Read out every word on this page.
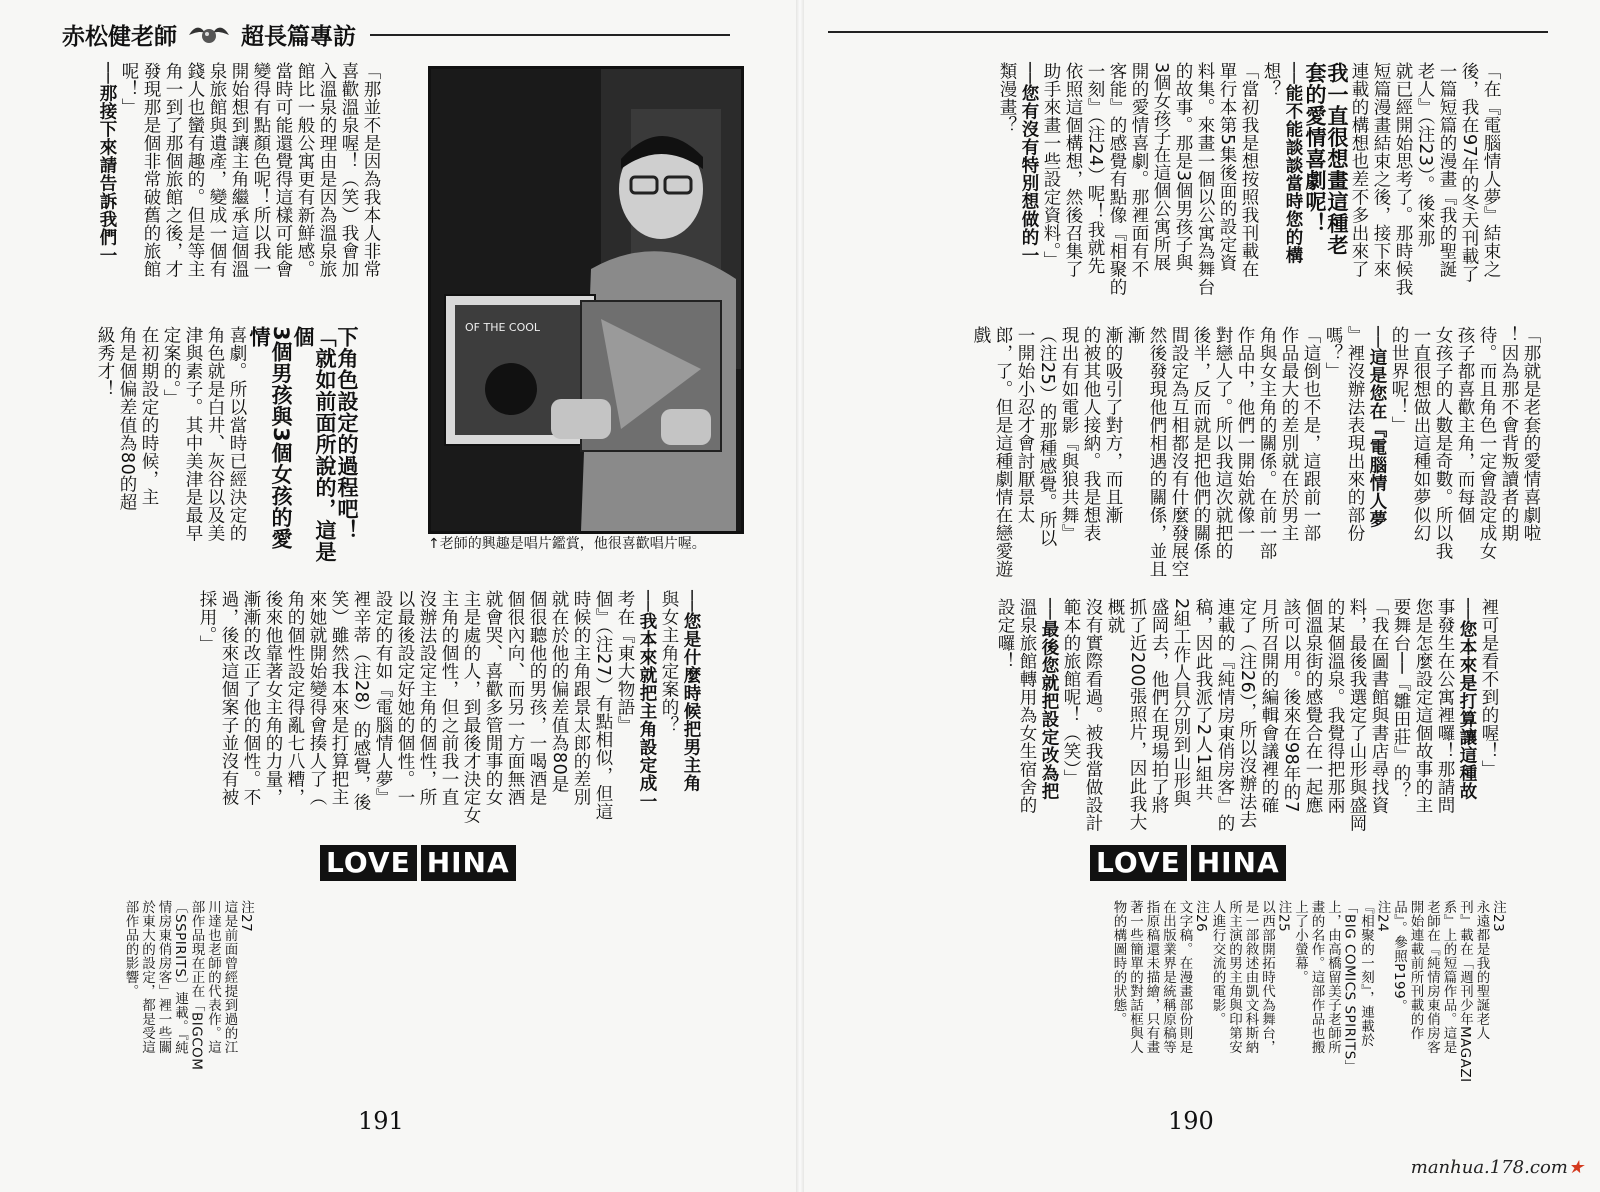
赤松健老師	超長篇專訪
「那並不是因為我本人非常
喜歡溫泉喔！（笑）我會加
入溫泉的理由是因為溫泉旅
館比一般公寓更有新鮮感。
當時可能還覺得這樣可能會
變得有點顏色呢！所以我一
開始想到讓主角繼承這個溫
泉旅館與遺產，變成一個有
錢人也蠻有趣的。但是等主
角一到了那個旅館之後，才
發現那是個非常破舊的旅館
呢！」
──那接下來請告訴我們一
下角色設定的過程吧！
「就如前面所說的，這是個
3個男孩與3個女孩的愛情
喜劇。所以當時已經決定的
角色就是白井、灰谷以及美
津與素子。其中美津是最早
定案的。」
在初期設定的時候，主
角是個偏差值為80的超
級秀才！	OF THE COOL
↑老師的興趣是唱片鑑賞，他很喜歡唱片喔。
──您是什麼時候把男主角
與女主角定案的？
──我本來就把主角設定成一
考在『東大物語』
個』（注27）有點相似，但這
時候的主角跟景太郎的差別
就在於他的偏差值為80是
個很聽他的男孩，一喝酒是
個很內向、而另一方面無酒
就會哭、喜歡多管閒事的女
主是處的人，到最後才決定女
主角的個性，但之前我一直
沒辦法設定主角的個性，所
以最後設定好她的個性。一
設定的有如『電腦情人夢』
裡辛蒂（注28）的感覺，後
笑）雖然我本來是打算把主
來她就開始變得會揍人了（
角的個性設定得亂七八糟，
後來他靠著女主角的力量，
漸漸的改正了他的個性。不
過，後來這個案子並沒有被
採用。」
LOVE HINA
注27
這是前面曾經提到過的江
川達也老師的代表作。這
部作品現在正在「BIGCOM
〔SSPIRITS〕連載。『純
情房東俏房客」裡一些關
於東大的設定，都是受這
部作品的影響。
191
「在『電腦情人夢』結束之
後，我在97年的冬天刊載了
一篇短篇的漫畫『我的聖誕
老人』（注23）。後來那
就已經開始思考了。那時候我
短篇漫畫結束之後，接下來
連載的構想也差不多出來了
我一直很想畫這種老
套的愛情喜劇呢！
──能不能談談當時您的構
想？
「當初我是想按照我刊載在
單行本第5集後面的設定資
料集。來畫一個以公寓為舞台
的故事。那是3個男孩子與
3個女孩子在這個公寓所展
開的愛情喜劇。那裡面有不
客能』的感覺有點像『相聚的
一刻』（注24）呢！我就先
依照這個構想，然後召集了
助手來畫一些設定資料。」
──您有沒有特別想做的一
類漫畫？
「那就是老套的愛情喜劇啦
！因為那不會背叛讀者的期
待。而且角色一定會設定成女
孩子都喜歡主角，而每個
女孩子的人數是奇數。所以我
一直很想做出這種如夢似幻
的世界呢！」
──這是您在『電腦情人夢
』裡沒辦法表現出來的部份
嗎？」
「這倒也不是，這跟前一部
作品最大的差別就在於男主
角與女主角的關係。在前一部
作品中，他們一開始就像一
對戀人了。所以我這次就把的
後半，反而就是把他們的關係
間設定為互相都沒有什麼發展空
然後發現他們相遇的關係，並且漸
漸的吸引了對方，而且漸
的被其他人接納。我是想表
現出有如電影『與狼共舞』
（注25）的那種感覺。所以
一開始小忍才會討厭景太
郎，了。但是這種劇情在戀愛遊戲
裡可是看不到的喔！」
──您本來是打算讓這種故
事發生在公寓裡囉！那請問
您是怎麼設定這個故事的主
要舞台──『雛田莊』的？
「我在圖書館與書店尋找資
料，最後我選定了山形與盛岡
的某個溫泉。我覺得把那兩
個溫泉街的感覺合在一起應
該可以用。後來在98年的7
月所召開的編輯會議裡的確
定了（注26），所以沒辦法去
連載的『純情房東俏房客』的
稿，因此我派了2人1組共
2組工作人員分別到山形與
盛岡去，他們在現場拍了將
抓了近200張照片，因此我大概就
沒有實際看過。被我當做設計
範本的旅館呢！（笑）」
──最後您就把設定改為把
溫泉旅館轉用為女生宿舍的
設定囉！
LOVE HINA
注23
永遠都是我的聖誕老人
刊』載在「週刊少年MAGAZI
系』上的短篇作品。這是
老師在『純情房東俏房客
開始連載前所刊載的作
品』。參照P199。
注24
『相聚的一刻』，連載於
「BIG COMICS SPIRITS」
上，由高橋留美子老師所
畫的名作。這部作品也搬
上了小螢幕。
注25
以西部開拓時代為舞台，
是一部敘述由凱文科斯納
所主演的男主角與印第安
人進行交流的電影。
注26
文字稿。在漫畫部份則是
在出版業界是統稱原稿等
指原稿還未描繪，只有畫
著一些簡單的對話框與人
物的構圖時的狀態。
190
manhua.178.com★
